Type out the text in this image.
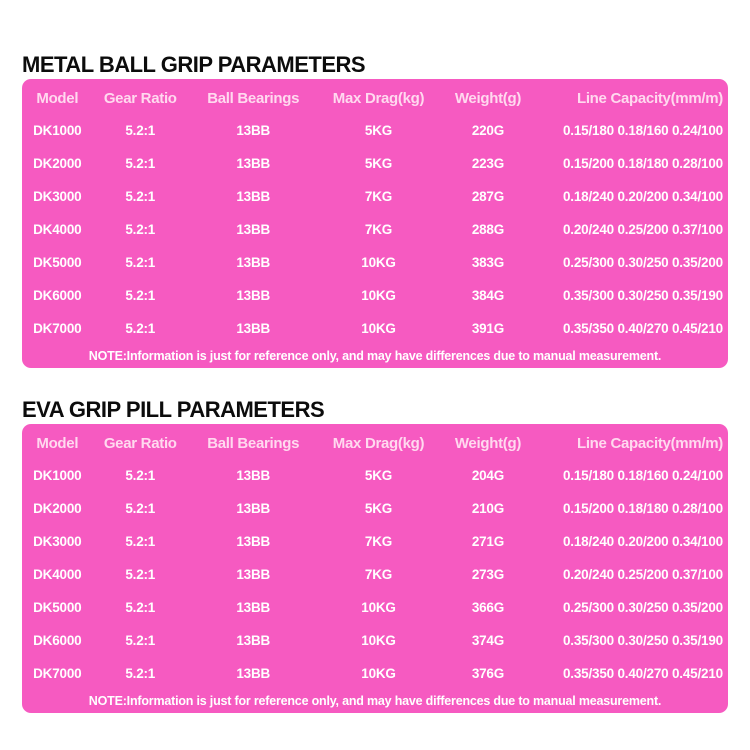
METAL BALL GRIP PARAMETERS
Model	Gear Ratio	Ball Bearings	Max Drag(kg)	Weight(g)	Line Capacity(mm/m)
DK1000	5.2:1	13BB	5KG	220G	0.15/180 0.18/160 0.24/100
DK2000	5.2:1	13BB	5KG	223G	0.15/200 0.18/180 0.28/100
DK3000	5.2:1	13BB	7KG	287G	0.18/240 0.20/200 0.34/100
DK4000	5.2:1	13BB	7KG	288G	0.20/240 0.25/200 0.37/100
DK5000	5.2:1	13BB	10KG	383G	0.25/300 0.30/250 0.35/200
DK6000	5.2:1	13BB	10KG	384G	0.35/300 0.30/250 0.35/190
DK7000	5.2:1	13BB	10KG	391G	0.35/350 0.40/270 0.45/210
NOTE:Information is just for reference only, and may have differences due to manual measurement.
EVA GRIP PILL PARAMETERS
Model	Gear Ratio	Ball Bearings	Max Drag(kg)	Weight(g)	Line Capacity(mm/m)
DK1000	5.2:1	13BB	5KG	204G	0.15/180 0.18/160 0.24/100
DK2000	5.2:1	13BB	5KG	210G	0.15/200 0.18/180 0.28/100
DK3000	5.2:1	13BB	7KG	271G	0.18/240 0.20/200 0.34/100
DK4000	5.2:1	13BB	7KG	273G	0.20/240 0.25/200 0.37/100
DK5000	5.2:1	13BB	10KG	366G	0.25/300 0.30/250 0.35/200
DK6000	5.2:1	13BB	10KG	374G	0.35/300 0.30/250 0.35/190
DK7000	5.2:1	13BB	10KG	376G	0.35/350 0.40/270 0.45/210
NOTE:Information is just for reference only, and may have differences due to manual measurement.
